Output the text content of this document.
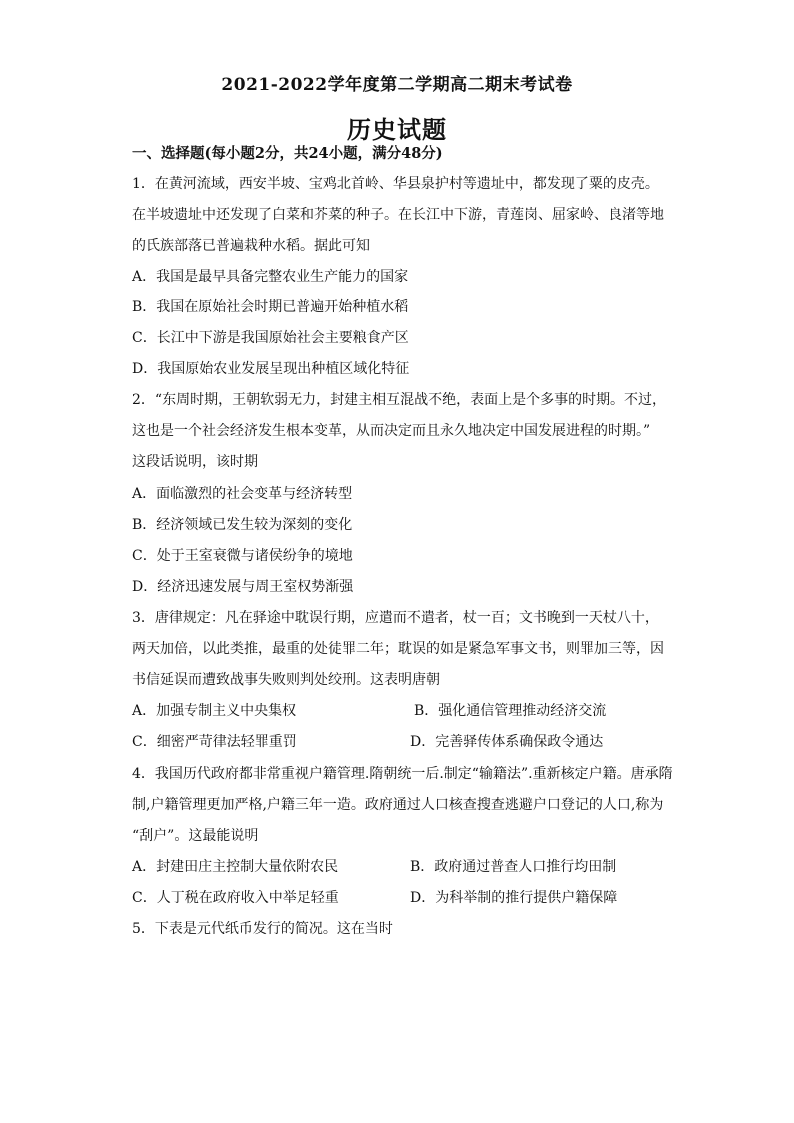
2021-2022学年度第二学期高二期末考试卷
历史试题
一、选择题(每小题2分，共24小题，满分48分)
1．在黄河流域，西安半坡、宝鸡北首岭、华县泉护村等遗址中，都发现了粟的皮壳。
在半坡遗址中还发现了白菜和芥菜的种子。在长江中下游，青莲岗、屈家岭、良渚等地
的氏族部落已普遍栽种水稻。据此可知
A．我国是最早具备完整农业生产能力的国家
B．我国在原始社会时期已普遍开始种植水稻
C．长江中下游是我国原始社会主要粮食产区
D．我国原始农业发展呈现出种植区域化特征
2．“东周时期，王朝软弱无力，封建主相互混战不绝，表面上是个多事的时期。不过，
这也是一个社会经济发生根本变革，从而决定而且永久地决定中国发展进程的时期。”
这段话说明，该时期
A．面临激烈的社会变革与经济转型
B．经济领域已发生较为深刻的变化
C．处于王室衰微与诸侯纷争的境地
D．经济迅速发展与周王室权势渐强
3．唐律规定：凡在驿途中耽误行期，应遣而不遣者，杖一百；文书晚到一天杖八十，
两天加倍，以此类推，最重的处徒罪二年；耽误的如是紧急军事文书，则罪加三等，因
书信延误而遭致战事失败则判处绞刑。这表明唐朝
A．加强专制主义中央集权	B．强化通信管理推动经济交流
C．细密严苛律法轻罪重罚	D．完善驿传体系确保政令通达
4．我国历代政府都非常重视户籍管理.隋朝统一后.制定“输籍法”.重新核定户籍。唐承隋
制,户籍管理更加严格,户籍三年一造。政府通过人口核查搜查逃避户口登记的人口,称为
“刮户”。这最能说明
A．封建田庄主控制大量依附农民	B．政府通过普查人口推行均田制
C．人丁税在政府收入中举足轻重	D．为科举制的推行提供户籍保障
5．下表是元代纸币发行的简况。这在当时
